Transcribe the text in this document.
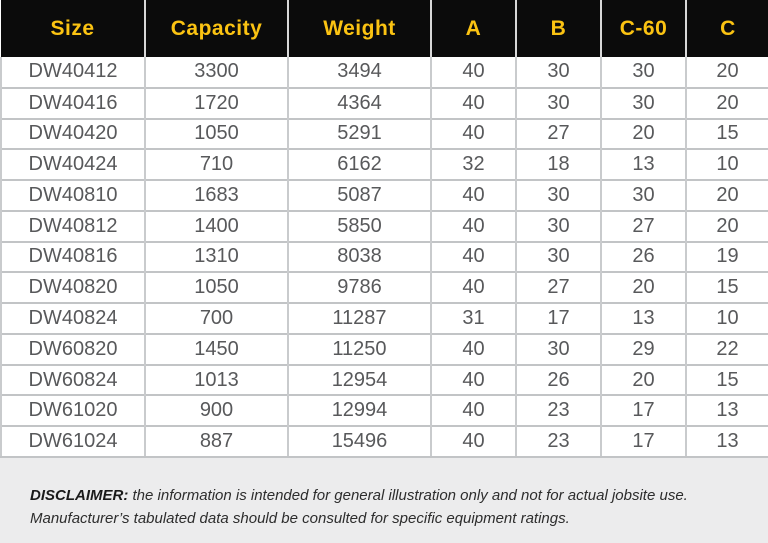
Size	Capacity	Weight	A	B	C-60	C
DW40412	3300	3494	40	30	30	20
DW40416	1720	4364	40	30	30	20
DW40420	1050	5291	40	27	20	15
DW40424	710	6162	32	18	13	10
DW40810	1683	5087	40	30	30	20
DW40812	1400	5850	40	30	27	20
DW40816	1310	8038	40	30	26	19
DW40820	1050	9786	40	27	20	15
DW40824	700	11287	31	17	13	10
DW60820	1450	11250	40	30	29	22
DW60824	1013	12954	40	26	20	15
DW61020	900	12994	40	23	17	13
DW61024	887	15496	40	23	17	13

DISCLAIMER: the information is intended for general illustration only and not for actual jobsite use.
Manufacturer’s tabulated data should be consulted for specific equipment ratings.
